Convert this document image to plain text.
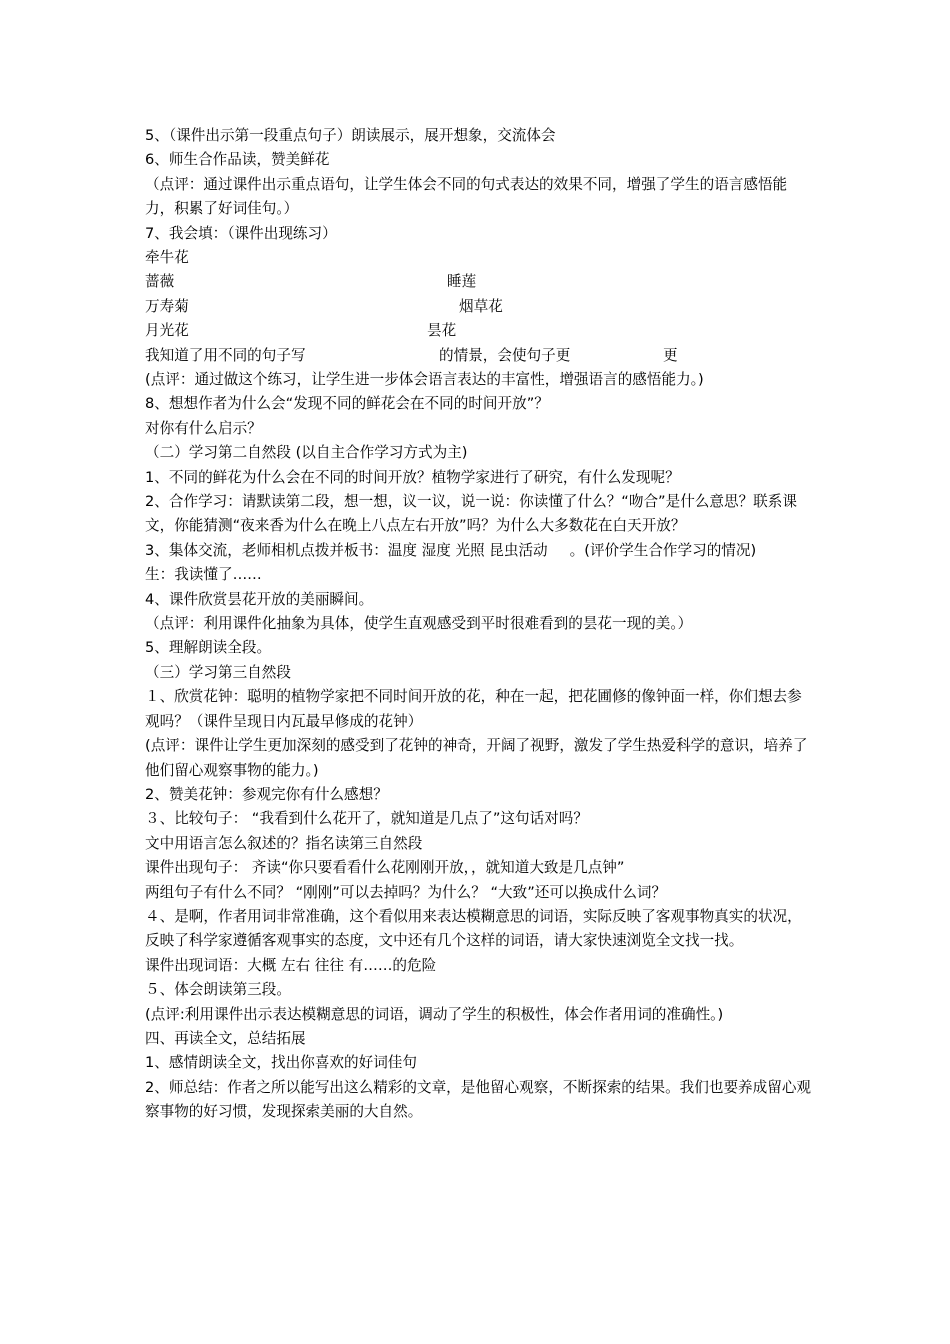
5、（课件出示第一段重点句子）朗读展示，展开想象，交流体会

6、师生合作品读，赞美鲜花

（点评：通过课件出示重点语句，让学生体会不同的句式表达的效果不同，增强了学生的语言感悟能力，积累了好词佳句。）

7、我会填：（课件出现练习）

牵牛花

蔷薇	睡莲
万寿菊	烟草花
月光花	昙花
我知道了用不同的句子写	的情景，会使句子更	更

(点评：通过做这个练习，让学生进一步体会语言表达的丰富性，增强语言的感悟能力。)

8、想想作者为什么会“发现不同的鲜花会在不同的时间开放”？

对你有什么启示？

（二）学习第二自然段 (以自主合作学习方式为主)

1、不同的鲜花为什么会在不同的时间开放？植物学家进行了研究，有什么发现呢？

2、合作学习：请默读第二段，想一想，议一议，说一说：你读懂了什么？“吻合”是什么意思？联系课文，你能猜测“夜来香为什么在晚上八点左右开放”吗？为什么大多数花在白天开放？

3、集体交流，老师相机点拨并板书：温度 湿度 光照 昆虫活动 。(评价学生合作学习的情况)

生：我读懂了……

4、课件欣赏昙花开放的美丽瞬间。

（点评：利用课件化抽象为具体，使学生直观感受到平时很难看到的昙花一现的美。）

5、理解朗读全段。

（三）学习第三自然段

１、欣赏花钟：聪明的植物学家把不同时间开放的花，种在一起，把花圃修的像钟面一样，你们想去参观吗？（课件呈现日内瓦最早修成的花钟）

(点评：课件让学生更加深刻的感受到了花钟的神奇，开阔了视野，激发了学生热爱科学的意识，培养了他们留心观察事物的能力。)

2、赞美花钟：参观完你有什么感想？

３、比较句子： “我看到什么花开了，就知道是几点了”这句话对吗？

文中用语言怎么叙述的？指名读第三自然段

课件出现句子： 齐读“你只要看看什么花刚刚开放，，就知道大致是几点钟”

两组句子有什么不同？ “刚刚”可以去掉吗？为什么？ “大致”还可以换成什么词？

４、是啊，作者用词非常准确，这个看似用来表达模糊意思的词语，实际反映了客观事物真实的状况，反映了科学家遵循客观事实的态度，文中还有几个这样的词语，请大家快速浏览全文找一找。

课件出现词语：大概 左右 往往 有……的危险

５、体会朗读第三段。

(点评:利用课件出示表达模糊意思的词语，调动了学生的积极性，体会作者用词的准确性。)

四、再读全文，总结拓展

1、感情朗读全文，找出你喜欢的好词佳句

2、师总结：作者之所以能写出这么精彩的文章，是他留心观察，不断探索的结果。我们也要养成留心观察事物的好习惯，发现探索美丽的大自然。
